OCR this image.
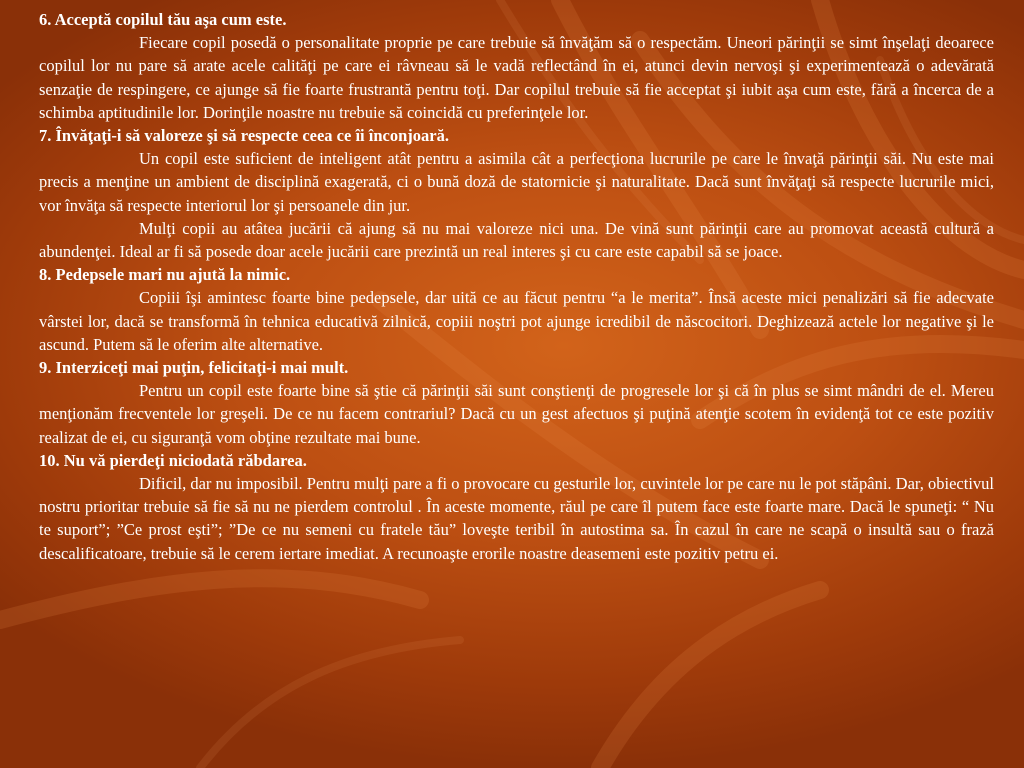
6. Acceptă copilul tău aşa cum este.

Fiecare copil posedă o personalitate proprie pe care trebuie să învăţăm să o respectăm. Uneori părinţii se simt înşelaţi deoarece copilul lor nu pare să arate acele calităţi pe care ei râvneau să le vadă reflectând în ei, atunci devin nervoşi şi experimentează o adevărată senzaţie de respingere, ce ajunge să fie foarte frustrantă pentru toţi. Dar copilul trebuie să fie acceptat şi iubit aşa cum este, fără a încerca de a schimba aptitudinile lor. Dorinţile noastre nu trebuie să coincidă cu preferinţele lor.

7. Învăţaţi-i să valoreze şi să respecte ceea ce îi înconjoară.

Un copil este suficient de inteligent atât pentru a asimila cât a perfecţiona lucrurile pe care le învaţă părinţii săi. Nu este mai precis a menţine un ambient de disciplină exagerată, ci o bună doză de statornicie şi naturalitate. Dacă sunt învăţaţi să respecte lucrurile mici, vor învăţa să respecte interiorul lor şi persoanele din jur.

Mulţi copii au atâtea jucării că ajung să nu mai valoreze nici una. De vină sunt părinţii care au promovat această cultură a abundenţei. Ideal ar fi să posede doar acele jucării care prezintă un real interes şi cu care este capabil să se joace.

8. Pedepsele mari nu ajută la nimic.

Copiii îşi amintesc foarte bine pedepsele, dar uită ce au făcut pentru “a le merita”. Însă aceste mici penalizări să fie adecvate vârstei lor, dacă se transformă în tehnica educativă zilnică, copiii noştri pot ajunge icredibil de născocitori. Deghizează actele lor negative şi le ascund. Putem să le oferim alte alternative.

9. Interziceţi mai puţin, felicitaţi-i mai mult.

Pentru un copil este foarte bine să ştie că părinţii săi sunt conştienţi de progresele lor şi că în plus se simt mândri de el. Mereu menţionăm frecventele lor greşeli. De ce nu facem contrariul? Dacă cu un gest afectuos şi puţină atenţie scotem în evidenţă tot ce este pozitiv realizat de ei, cu siguranţă vom obţine rezultate mai bune.

10. Nu vă pierdeţi niciodată răbdarea.

Dificil, dar nu imposibil. Pentru mulţi pare a fi o provocare cu gesturile lor, cuvintele lor pe care nu le pot stăpâni. Dar, obiectivul nostru prioritar trebuie să fie să nu ne pierdem controlul . În aceste momente, răul pe care îl putem face este foarte mare. Dacă le spuneţi: “ Nu te suport”; ”Ce prost eşti”; ”De ce nu semeni cu fratele tău” loveşte teribil în autostima sa. În cazul în care ne scapă o insultă sau o frază descalificatoare, trebuie să le cerem iertare imediat. A recunoaşte erorile noastre deasemeni este pozitiv petru ei.
